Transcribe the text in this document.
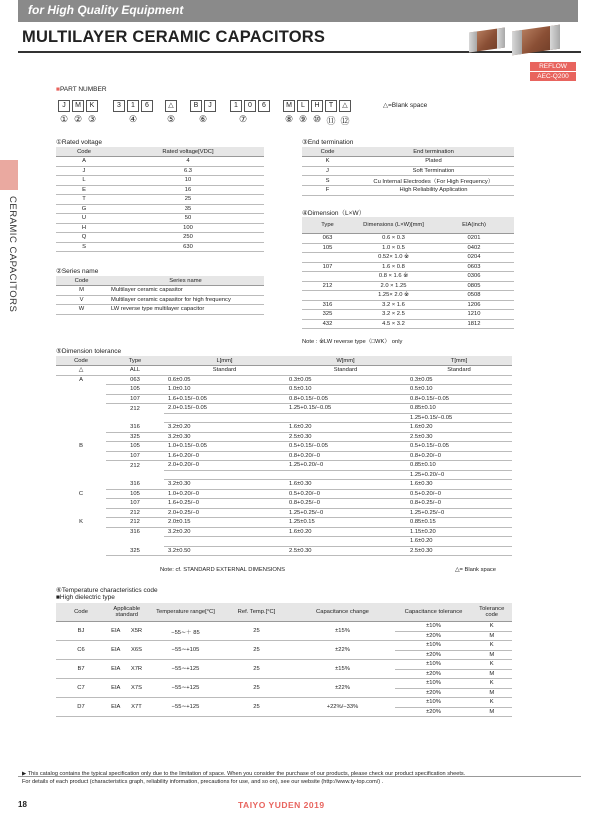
for High Quality Equipment
MULTILAYER CERAMIC CAPACITORS
REFLOW
AEC-Q200
CERAMIC CAPACITORS
■PART NUMBER
J	M	K	3	1	6	△	B	J	1	0	6	M	L	H	T	△
① ② ③	④	⑤	⑥	⑦	⑧ ⑨ ⑩ ⑪ ⑫
△=Blank space
①Rated voltage
Code	Rated voltage[VDC]
A	4
J	6.3
L	10
E	16
T	25
G	35
U	50
H	100
Q	250
S	630
②Series name
Code	Series name
M	Multilayer ceramic capasitor
V	Multilayer ceramic capasitor for high frequency
W	LW reverse type multilayer capacitor
③End termination
Code	End termination
K	Plated
J	Soft Termination
S	Cu Internal Electrodes（For High Frequency）
F	High Reliability Application
④Dimension（L×W）
Type	Dimensions (L×W)[mm]	EIA(inch)
063	0.6 × 0.3	0201
105	1.0 × 0.5	0402
	0.52× 1.0 ※	0204
107	1.6 × 0.8	0603
	0.8 × 1.6 ※	0306
212	2.0 × 1.25	0805
	1.25× 2.0 ※	0508
316	3.2 × 1.6	1206
325	3.2 × 2.5	1210
432	4.5 × 3.2	1812
Note : ※LW reverse type（□WK） only
⑤Dimension tolerance
Code	Type	L[mm]	W[mm]	T[mm]
△	ALL	Standard	Standard	Standard
A	063	0.6±0.05	0.3±0.05	0.3±0.05
	105	1.0±0.10	0.5±0.10	0.5±0.10
	107	1.6+0.15/−0.05	0.8+0.15/−0.05	0.8+0.15/−0.05
	212	2.0+0.15/−0.05	1.25+0.15/−0.05	0.85±0.10
				1.25+0.15/−0.05
	316	3.2±0.20	1.6±0.20	1.6±0.20
	325	3.2±0.30	2.5±0.30	2.5±0.30
B	105	1.0+0.15/−0.05	0.5+0.15/−0.05	0.5+0.15/−0.05
	107	1.6+0.20/−0	0.8+0.20/−0	0.8+0.20/−0
	212	2.0+0.20/−0	1.25+0.20/−0	0.85±0.10
				1.25+0.20/−0
	316	3.2±0.30	1.6±0.30	1.6±0.30
C	105	1.0+0.20/−0	0.5+0.20/−0	0.5+0.20/−0
	107	1.6+0.25/−0	0.8+0.25/−0	0.8+0.25/−0
	212	2.0+0.25/−0	1.25+0.25/−0	1.25+0.25/−0
K	212	2.0±0.15	1.25±0.15	0.85±0.15
	316	3.2±0.20	1.6±0.20	1.15±0.20
				1.6±0.20
	325	3.2±0.50	2.5±0.30	2.5±0.30
Note: cf. STANDARD EXTERNAL DIMENSIONS	△= Blank space
⑥Temperature characteristics code
■High dielectric type
Code	Applicable standard		Temperature range[°C]	Ref. Temp.[°C]	Capacitance change	Capacitance tolerance	Tolerance code
BJ	EIA	X5R	−55∼＋ 85	25	±15%	±10%	K
						±20%	M
C6	EIA	X6S	−55∼+105	25	±22%	±10%	K
						±20%	M
B7	EIA	X7R	−55∼+125	25	±15%	±10%	K
						±20%	M
C7	EIA	X7S	−55∼+125	25	±22%	±10%	K
						±20%	M
D7	EIA	X7T	−55∼+125	25	+22%/−33%	±10%	K
						±20%	M
▶ This catalog contains the typical specification only due to the limitation of space. When you consider the purchase of our products, please check our product specification sheets.
For details of each product (characteristics graph, reliability information, precautions for use, and so on), see our website (http://www.ty-top.com/) .
18	TAIYO YUDEN 2019
